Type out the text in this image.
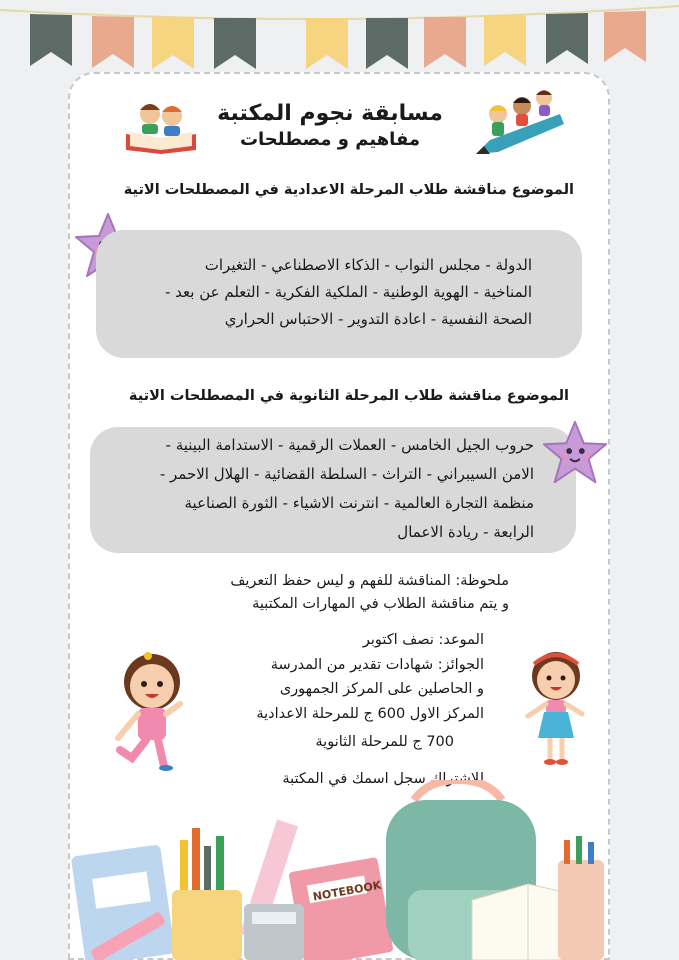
مسابقة نجوم المكتبة
مفاهيم و مصطلحات
الموضوع مناقشة طلاب المرحلة الاعدادية في المصطلحات الاتية

الدولة - مجلس النواب - الذكاء الاصطناعي - التغيرات

المناخية - الهوية الوطنية - الملكية الفكرية - التعلم عن بعد -

الصحة النفسية - اعادة التدوير - الاحتباس الحراري

الموضوع مناقشة طلاب المرحلة الثانوية في المصطلحات الاتية

حروب الجيل الخامس - العملات الرقمية - الاستدامة البينية -

الامن السيبراني - التراث - السلطة القضائية - الهلال الاحمر -

منظمة التجارة العالمية - انترنت الاشياء - الثورة الصناعية

الرابعة - ريادة الاعمال

ملحوظة: المناقشة للفهم و ليس حفظ التعريف

و يتم مناقشة الطلاب في المهارات المكتبية

الموعد: نصف اكتوبر

الجوائز: شهادات تقدير من المدرسة

و الحاصلين على المركز الجمهورى

المركز الاول 600 ج للمرحلة الاعدادية

700 ج للمرحلة الثانوية

للاشتراك سجل اسمك في المكتبة

NOTEBOOK
